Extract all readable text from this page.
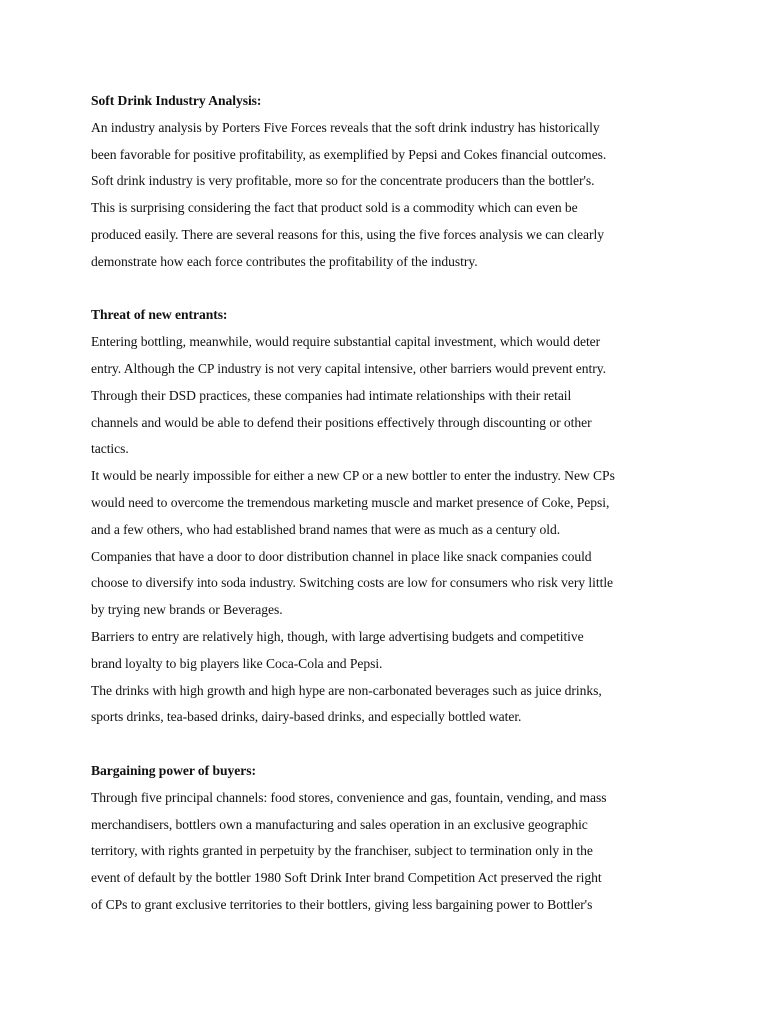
Soft Drink Industry Analysis:

An industry analysis by Porters Five Forces reveals that the soft drink industry has historically
been favorable for positive profitability, as exemplified by Pepsi and Cokes financial outcomes.
Soft drink industry is very profitable, more so for the concentrate producers than the bottler's.
This is surprising considering the fact that product sold is a commodity which can even be
produced easily. There are several reasons for this, using the five forces analysis we can clearly
demonstrate how each force contributes the profitability of the industry.

Threat of new entrants:

Entering bottling, meanwhile, would require substantial capital investment, which would deter
entry. Although the CP industry is not very capital intensive, other barriers would prevent entry.
Through their DSD practices, these companies had intimate relationships with their retail
channels and would be able to defend their positions effectively through discounting or other
tactics.

It would be nearly impossible for either a new CP or a new bottler to enter the industry. New CPs
would need to overcome the tremendous marketing muscle and market presence of Coke, Pepsi,
and a few others, who had established brand names that were as much as a century old.
Companies that have a door to door distribution channel in place like snack companies could
choose to diversify into soda industry. Switching costs are low for consumers who risk very little
by trying new brands or Beverages.

Barriers to entry are relatively high, though, with large advertising budgets and competitive
brand loyalty to big players like Coca-Cola and Pepsi.

The drinks with high growth and high hype are non-carbonated beverages such as juice drinks,
sports drinks, tea-based drinks, dairy-based drinks, and especially bottled water.

Bargaining power of buyers:

Through five principal channels: food stores, convenience and gas, fountain, vending, and mass
merchandisers, bottlers own a manufacturing and sales operation in an exclusive geographic
territory, with rights granted in perpetuity by the franchiser, subject to termination only in the
event of default by the bottler 1980 Soft Drink Inter brand Competition Act preserved the right
of CPs to grant exclusive territories to their bottlers, giving less bargaining power to Bottler's
